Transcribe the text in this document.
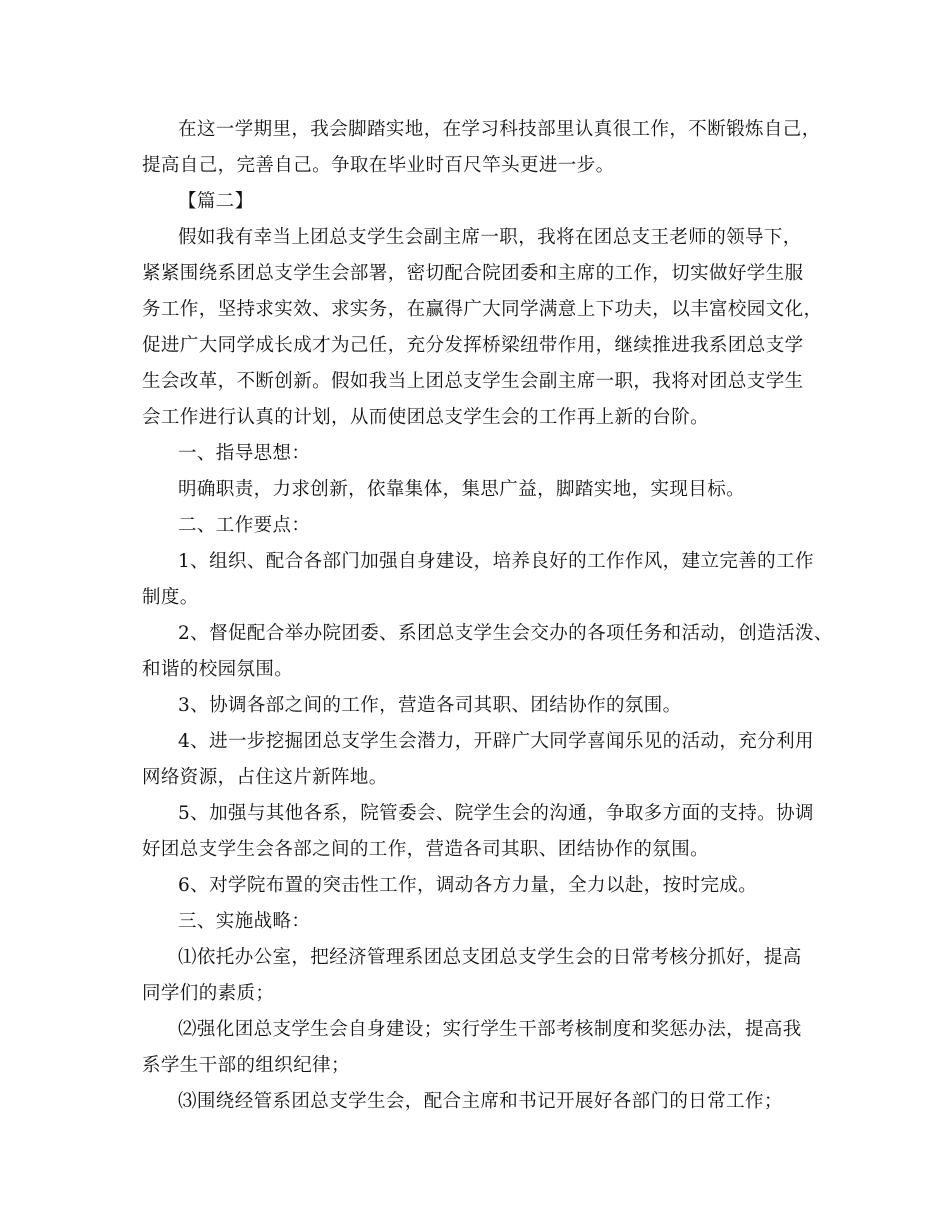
在这一学期里，我会脚踏实地，在学习科技部里认真很工作，不断锻炼自己，
提高自己，完善自己。争取在毕业时百尺竿头更进一步。
【篇二】
假如我有幸当上团总支学生会副主席一职，我将在团总支王老师的领导下，
紧紧围绕系团总支学生会部署，密切配合院团委和主席的工作，切实做好学生服
务工作，坚持求实效、求实务，在赢得广大同学满意上下功夫，以丰富校园文化，
促进广大同学成长成才为己任，充分发挥桥梁纽带作用，继续推进我系团总支学
生会改革，不断创新。假如我当上团总支学生会副主席一职，我将对团总支学生
会工作进行认真的计划，从而使团总支学生会的工作再上新的台阶。
一、指导思想：
明确职责，力求创新，依靠集体，集思广益，脚踏实地，实现目标。
二、工作要点：
1、组织、配合各部门加强自身建设，培养良好的工作作风，建立完善的工作
制度。
2、督促配合举办院团委、系团总支学生会交办的各项任务和活动，创造活泼、
和谐的校园氛围。
3、协调各部之间的工作，营造各司其职、团结协作的氛围。
4、进一步挖掘团总支学生会潜力，开辟广大同学喜闻乐见的活动，充分利用
网络资源，占住这片新阵地。
5、加强与其他各系，院管委会、院学生会的沟通，争取多方面的支持。协调
好团总支学生会各部之间的工作，营造各司其职、团结协作的氛围。
6、对学院布置的突击性工作，调动各方力量，全力以赴，按时完成。
三、实施战略：
⑴依托办公室，把经济管理系团总支团总支学生会的日常考核分抓好，提高
同学们的素质；
⑵强化团总支学生会自身建设；实行学生干部考核制度和奖惩办法，提高我
系学生干部的组织纪律；
⑶围绕经管系团总支学生会，配合主席和书记开展好各部门的日常工作；
